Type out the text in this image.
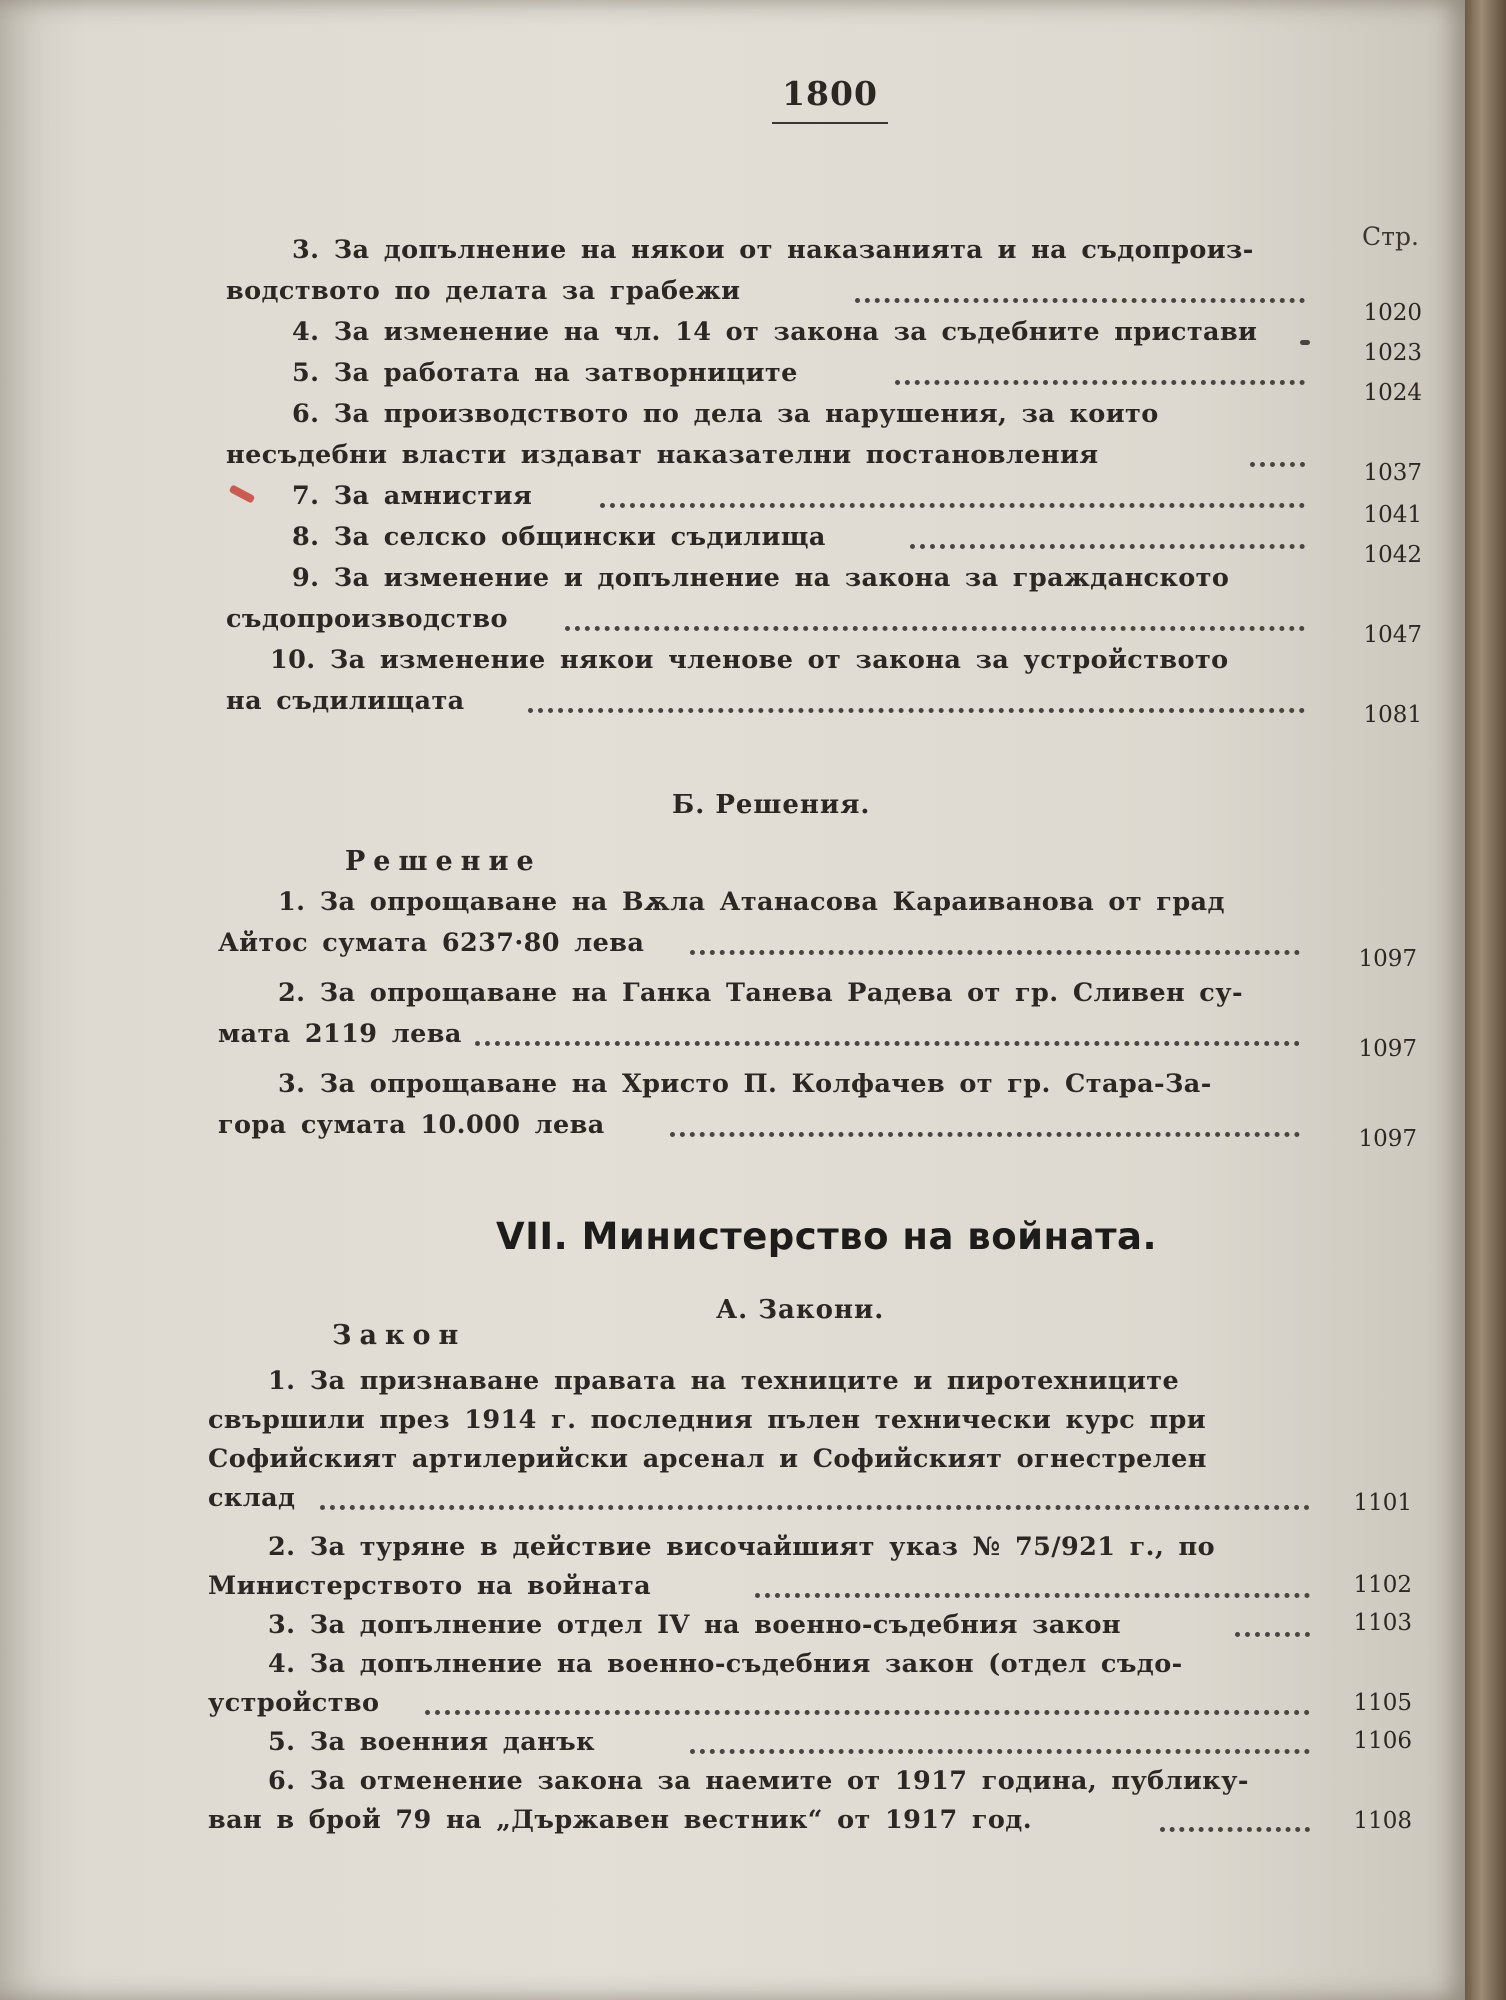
1800
Стр.
3. За допълнение на някои от наказанията и на съдопроиз-
водството по делата за грабежи
1020
4. За изменение на чл. 14 от закона за съдебните пристави
1023
5. За работата на затворниците
1024
6. За производството по дела за нарушения, за които
несъдебни власти издават наказателни постановления
1037
7. За амнистия
1041
8. За селско общински съдилища
1042
9. За изменение и допълнение на закона за гражданското
съдопроизводство
1047
10. За изменение някои членове от закона за устройството
на съдилищата	1081
Б. Решения.
Решение
1. За опрощаване на Вѫла Атанасова Караиванова от град
Айтос сумата 6237·80 лева
1097
2. За опрощаване на Ганка Танева Радева от гр. Сливен су-
мата 2119 лева	1097
3. За опрощаване на Христо П. Колфачев от гр. Стара-За-
гора сумата 10.000 лева	1097
VII. Министерство на войната.
А. Закони.
Закон
1. За признаване правата на техниците и пиротехниците
свършили през 1914 г. последния пълен технически курс при
Софийският артилерийски арсенал и Софийският огнестрелен
склад	1101
2. За туряне в действие височайшият указ № 75/921 г., по
Министерството на войната	1102
3. За допълнение отдел IV на военно-съдебния закон	1103
4. За допълнение на военно-съдебния закон (отдел съдо-
устройство	1105
5. За военния данък	1106
6. За отменение закона за наемите от 1917 година, публику-
ван в брой 79 на „Държавен вестник“ от 1917 год.	1108
